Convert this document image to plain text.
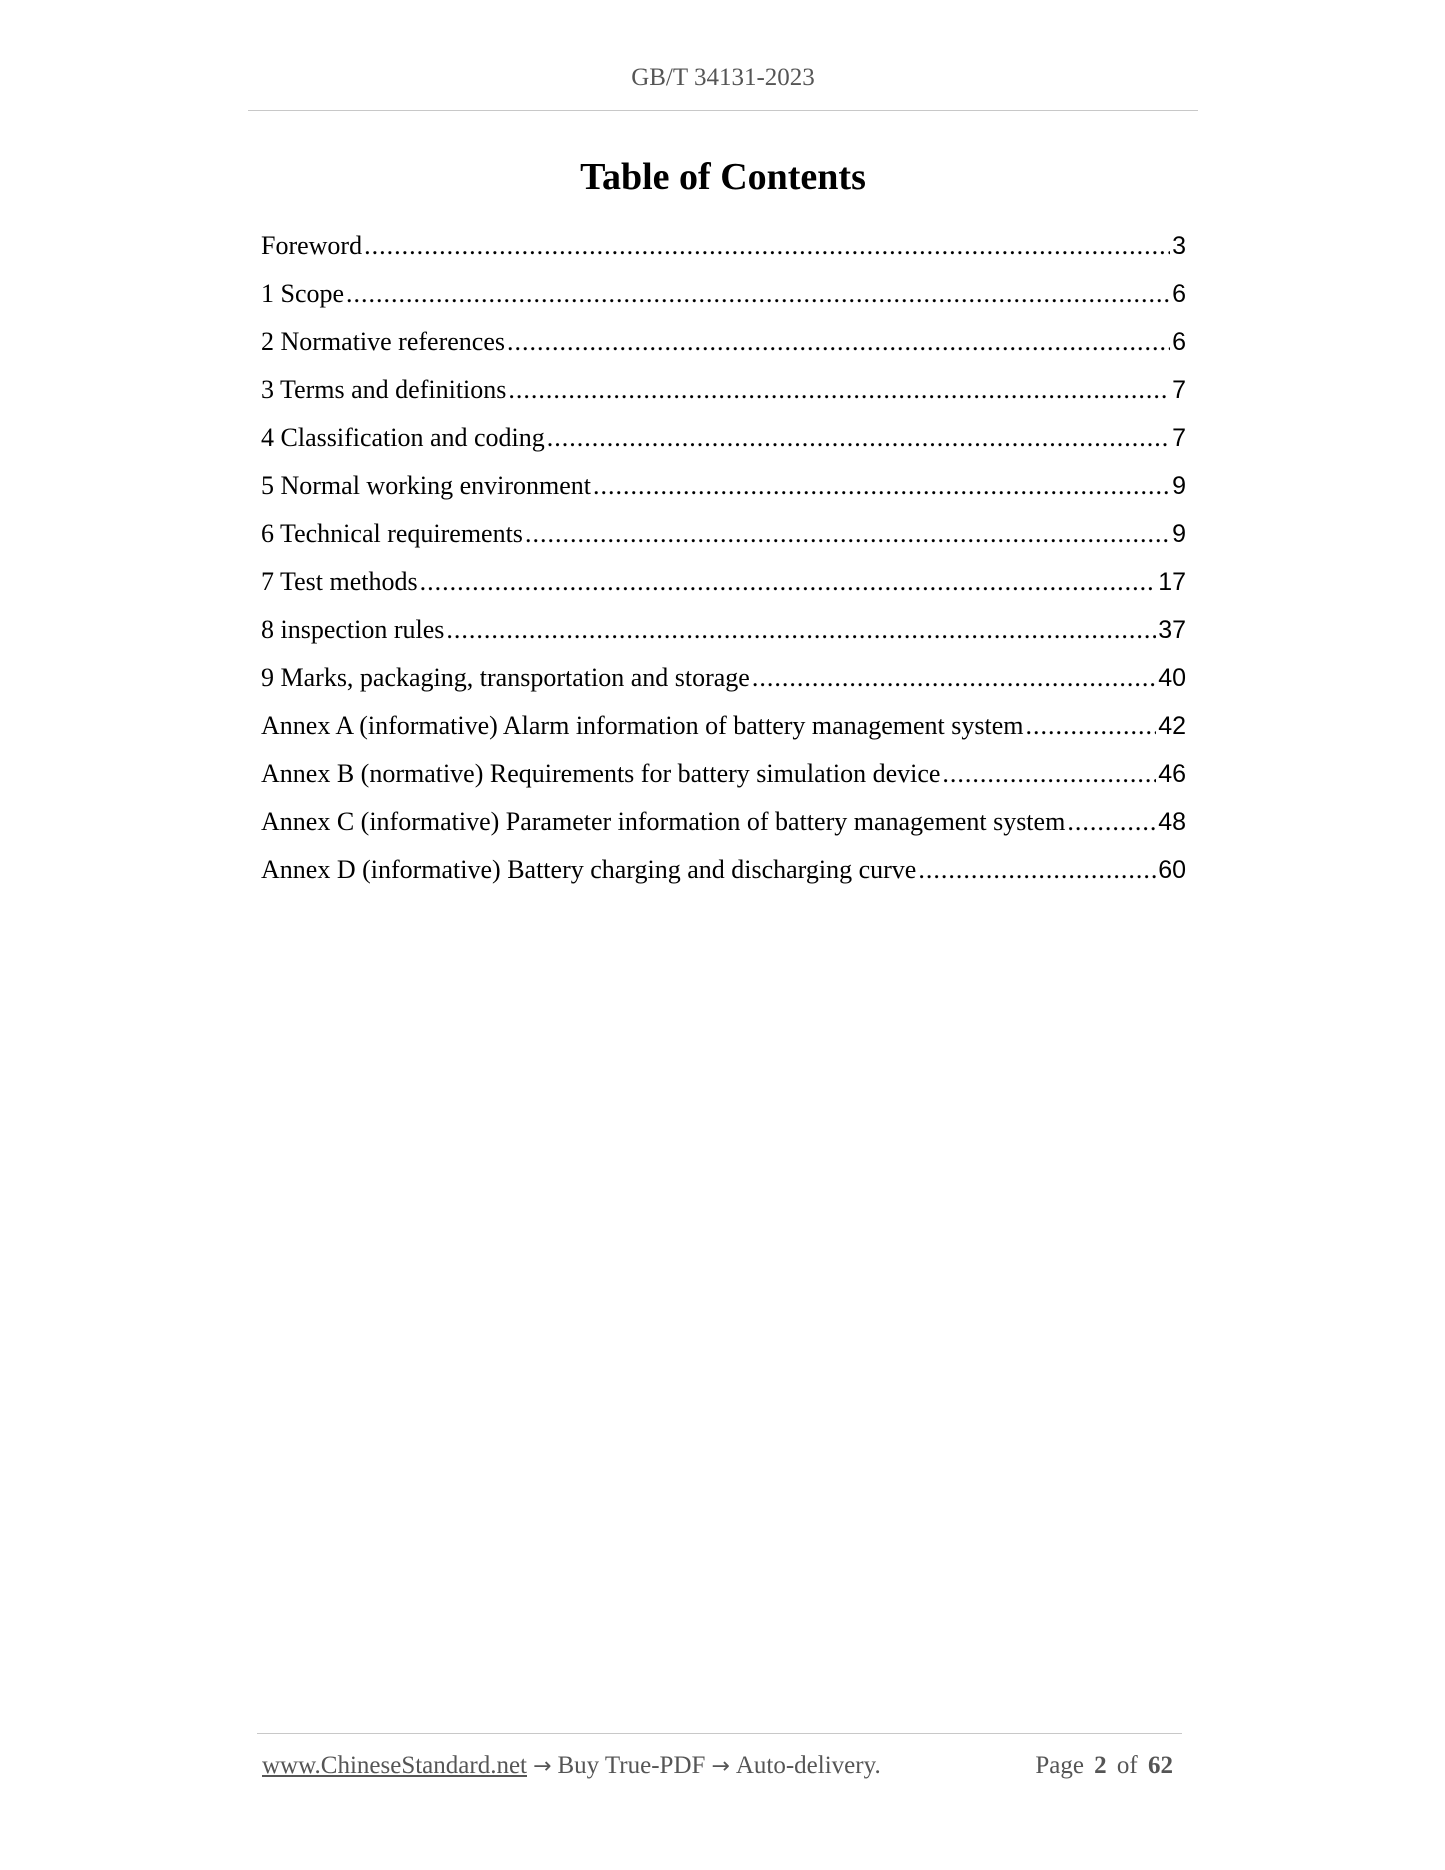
GB/T 34131-2023
Table of Contents
Foreword .....	3
1 Scope .....	6
2 Normative references .....	6
3 Terms and definitions .....	7
4 Classification and coding .....	7
5 Normal working environment .....	9
6 Technical requirements .....	9
7 Test methods .....	17
8 inspection rules .....	37
9 Marks, packaging, transportation and storage .....	40
Annex A (informative) Alarm information of battery management system .....	42
Annex B (normative) Requirements for battery simulation device .....	46
Annex C (informative) Parameter information of battery management system .....	48
Annex D (informative) Battery charging and discharging curve .....	60
www.ChineseStandard.net → Buy True-PDF → Auto-delivery.	Page 2 of 62
